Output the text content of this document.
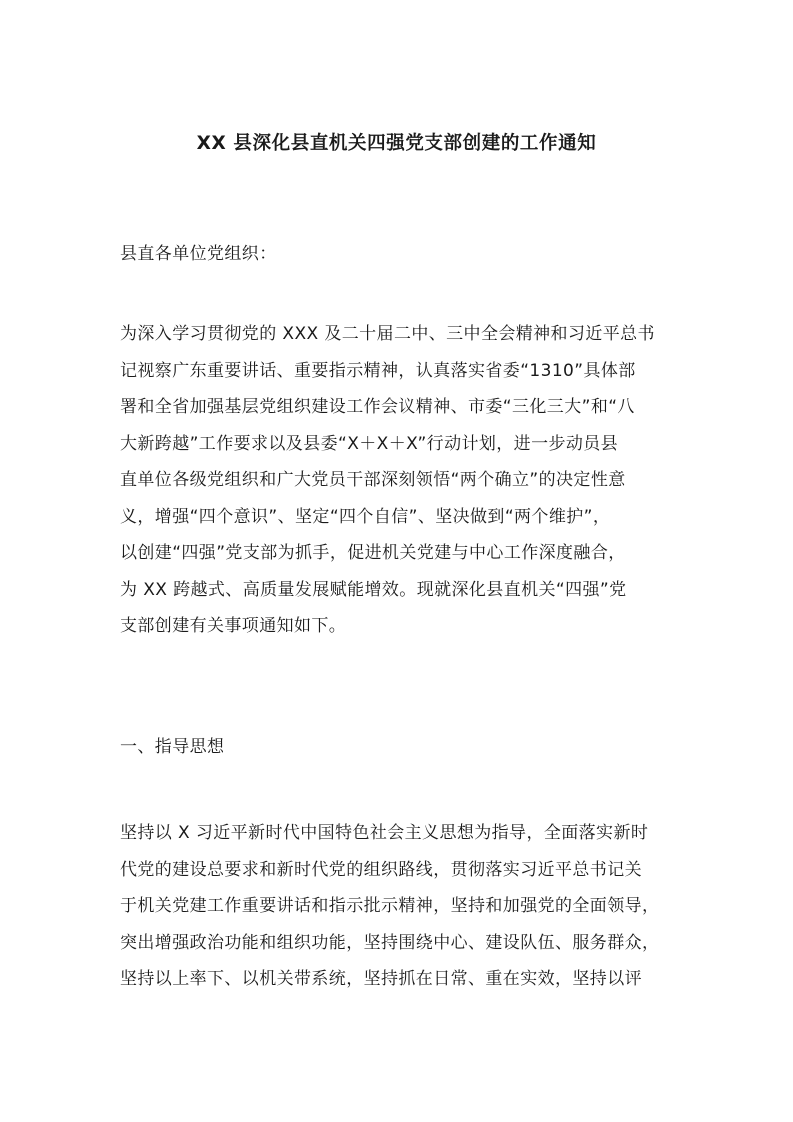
XX 县深化县直机关四强党支部创建的工作通知
县直各单位党组织：
为深入学习贯彻党的 XXX 及二十届二中、三中全会精神和习近平总书
记视察广东重要讲话、重要指示精神，认真落实省委“1310”具体部
署和全省加强基层党组织建设工作会议精神、市委“三化三大”和“八
大新跨越”工作要求以及县委“X＋X＋X”行动计划，进一步动员县
直单位各级党组织和广大党员干部深刻领悟“两个确立”的决定性意
义，增强“四个意识”、坚定“四个自信”、坚决做到“两个维护”，
以创建“四强”党支部为抓手，促进机关党建与中心工作深度融合，
为 XX 跨越式、高质量发展赋能增效。现就深化县直机关“四强”党
支部创建有关事项通知如下。
一、指导思想
坚持以 X 习近平新时代中国特色社会主义思想为指导，全面落实新时
代党的建设总要求和新时代党的组织路线，贯彻落实习近平总书记关
于机关党建工作重要讲话和指示批示精神，坚持和加强党的全面领导，
突出增强政治功能和组织功能，坚持围绕中心、建设队伍、服务群众，
坚持以上率下、以机关带系统，坚持抓在日常、重在实效，坚持以评
